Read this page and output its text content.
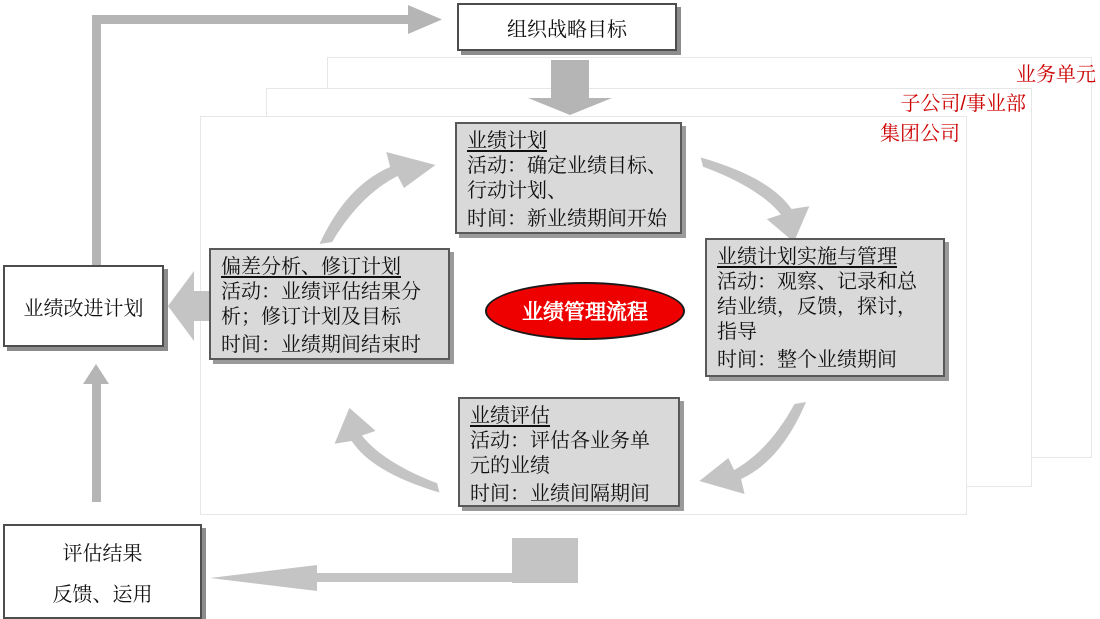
业务单元
子公司/事业部
集团公司
组织战略目标
业绩计划
活动：确定业绩目标、行动计划、
时间：新业绩期间开始
业绩计划实施与管理
活动：观察、记录和总结业绩，反馈，探讨，指导
时间：整个业绩期间
业绩评估
活动：评估各业务单元的业绩
时间：业绩间隔期间
偏差分析、修订计划
活动：业绩评估结果分析；修订计划及目标
时间：业绩期间结束时
业绩管理流程
业绩改进计划
评估结果
反馈、运用
